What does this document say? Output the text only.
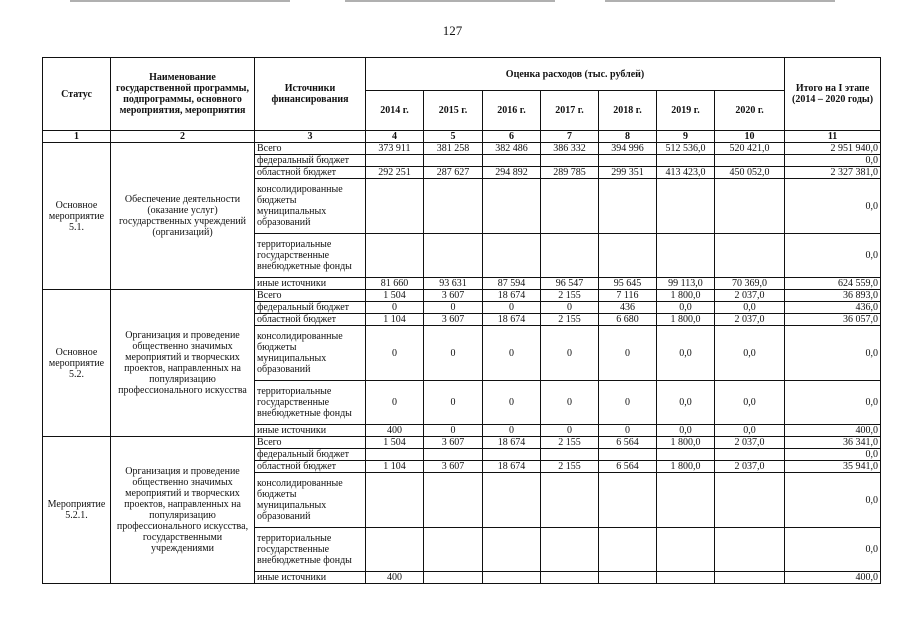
127
Статус	Наименование государственной программы, подпрограммы, основного мероприятия, мероприятия	Источники финансирования	Оценка расходов (тыс. рублей)							Итого на I этапе (2014 – 2020 годы)
			2014 г.	2015 г.	2016 г.	2017 г.	2018 г.	2019 г.	2020 г.	
1	2	3	4	5	6	7	8	9	10	11
Основное мероприятие 5.1.	Обеспечение деятельности (оказание услуг) государственных учреждений (организаций)	Всего	373 911	381 258	382 486	386 332	394 996	512 536,0	520 421,0	2 951 940,0
		федеральный бюджет								0,0
		областной бюджет	292 251	287 627	294 892	289 785	299 351	413 423,0	450 052,0	2 327 381,0
		консолидированные бюджеты муниципальных образований								0,0
		территориальные государственные внебюджетные фонды								0,0
		иные источники	81 660	93 631	87 594	96 547	95 645	99 113,0	70 369,0	624 559,0
Основное мероприятие 5.2.	Организация и проведение общественно значимых мероприятий и творческих проектов, направленных на популяризацию профессионального искусства	Всего	1 504	3 607	18 674	2 155	7 116	1 800,0	2 037,0	36 893,0
		федеральный бюджет	0	0	0	0	436	0,0	0,0	436,0
		областной бюджет	1 104	3 607	18 674	2 155	6 680	1 800,0	2 037,0	36 057,0
		консолидированные бюджеты муниципальных образований	0	0	0	0	0	0,0	0,0	0,0
		территориальные государственные внебюджетные фонды	0	0	0	0	0	0,0	0,0	0,0
		иные источники	400	0	0	0	0	0,0	0,0	400,0
Мероприятие 5.2.1.	Организация и проведение общественно значимых мероприятий и творческих проектов, направленных на популяризацию профессионального искусства, государственными учреждениями	Всего	1 504	3 607	18 674	2 155	6 564	1 800,0	2 037,0	36 341,0
		федеральный бюджет								0,0
		областной бюджет	1 104	3 607	18 674	2 155	6 564	1 800,0	2 037,0	35 941,0
		консолидированные бюджеты муниципальных образований								0,0
		территориальные государственные внебюджетные фонды								0,0
		иные источники	400							400,0
